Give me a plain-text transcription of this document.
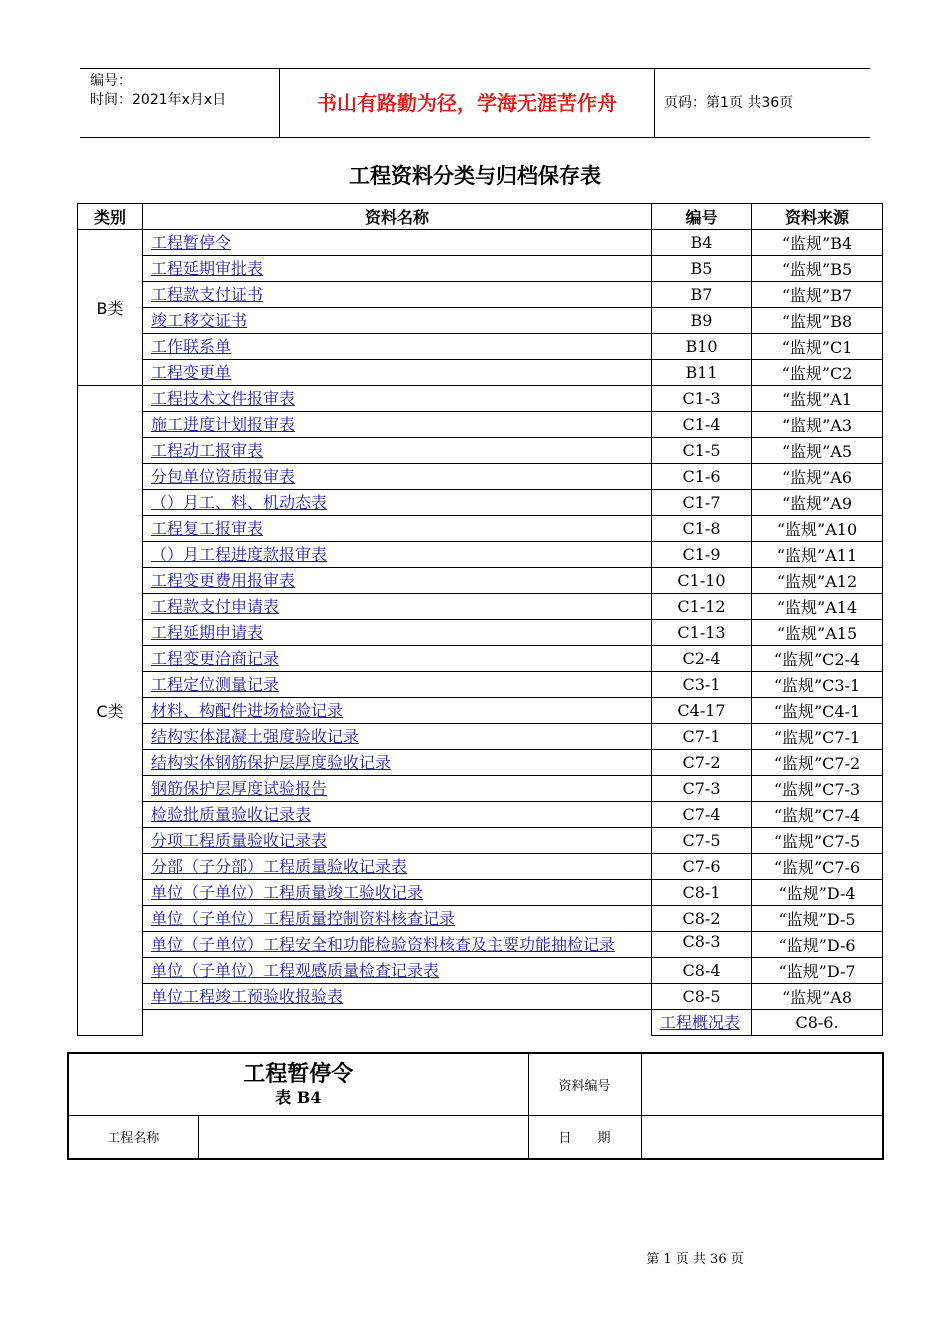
编号：
时间：2021年x月x日	书山有路勤为径，学海无涯苦作舟	页码：第1页 共36页
工程资料分类与归档保存表
类别	资料名称	编号	资料来源	
B类	工程暂停令	B4	“监规”B4	
	工程延期审批表	B5	“监规”B5	
	工程款支付证书	B7	“监规”B7	
	竣工移交证书	B9	“监规”B8	
	工作联系单	B10	“监规”C1	
	工程变更单	B11	“监规”C2	
C类	工程技术文件报审表	C1-3	“监规”A1	
	施工进度计划报审表	C1-4	“监规”A3	
	工程动工报审表	C1-5	“监规”A5	
	分包单位资质报审表	C1-6	“监规”A6	
	（）月工、料、机动态表	C1-7	“监规”A9	
	工程复工报审表	C1-8	“监规”A10	
	（）月工程进度款报审表	C1-9	“监规”A11	
	工程变更费用报审表	C1-10	“监规”A12	
	工程款支付申请表	C1-12	“监规”A14	
	工程延期申请表	C1-13	“监规”A15	
	工程变更洽商记录	C2-4	“监规”C2-4	
	工程定位测量记录	C3-1	“监规”C3-1	
	材料、构配件进场检验记录	C4-17	“监规”C4-1	
	结构实体混凝土强度验收记录	C7-1	“监规”C7-1	
	结构实体钢筋保护层厚度验收记录	C7-2	“监规”C7-2	
	钢筋保护层厚度试验报告	C7-3	“监规”C7-3	
	检验批质量验收记录表	C7-4	“监规”C7-4	
	分项工程质量验收记录表	C7-5	“监规”C7-5	
	分部（子分部）工程质量验收记录表	C7-6	“监规”C7-6	
	单位（子单位）工程质量竣工验收记录	C8-1	“监规”D-4	
	单位（子单位）工程质量控制资料核查记录	C8-2	“监规”D-5	
	单位（子单位）工程安全和功能检验资料核查及主要功能抽检记录	C8-3	“监规”D-6	
	单位（子单位）工程观感质量检查记录表	C8-4	“监规”D-7	
	单位工程竣工预验收报验表	C8-5	“监规”A8	
		工程概况表	C8-6.	
工程暂停令
表 B4		资料编号	
工程名称		日　　期	
第 1 页 共 36 页
